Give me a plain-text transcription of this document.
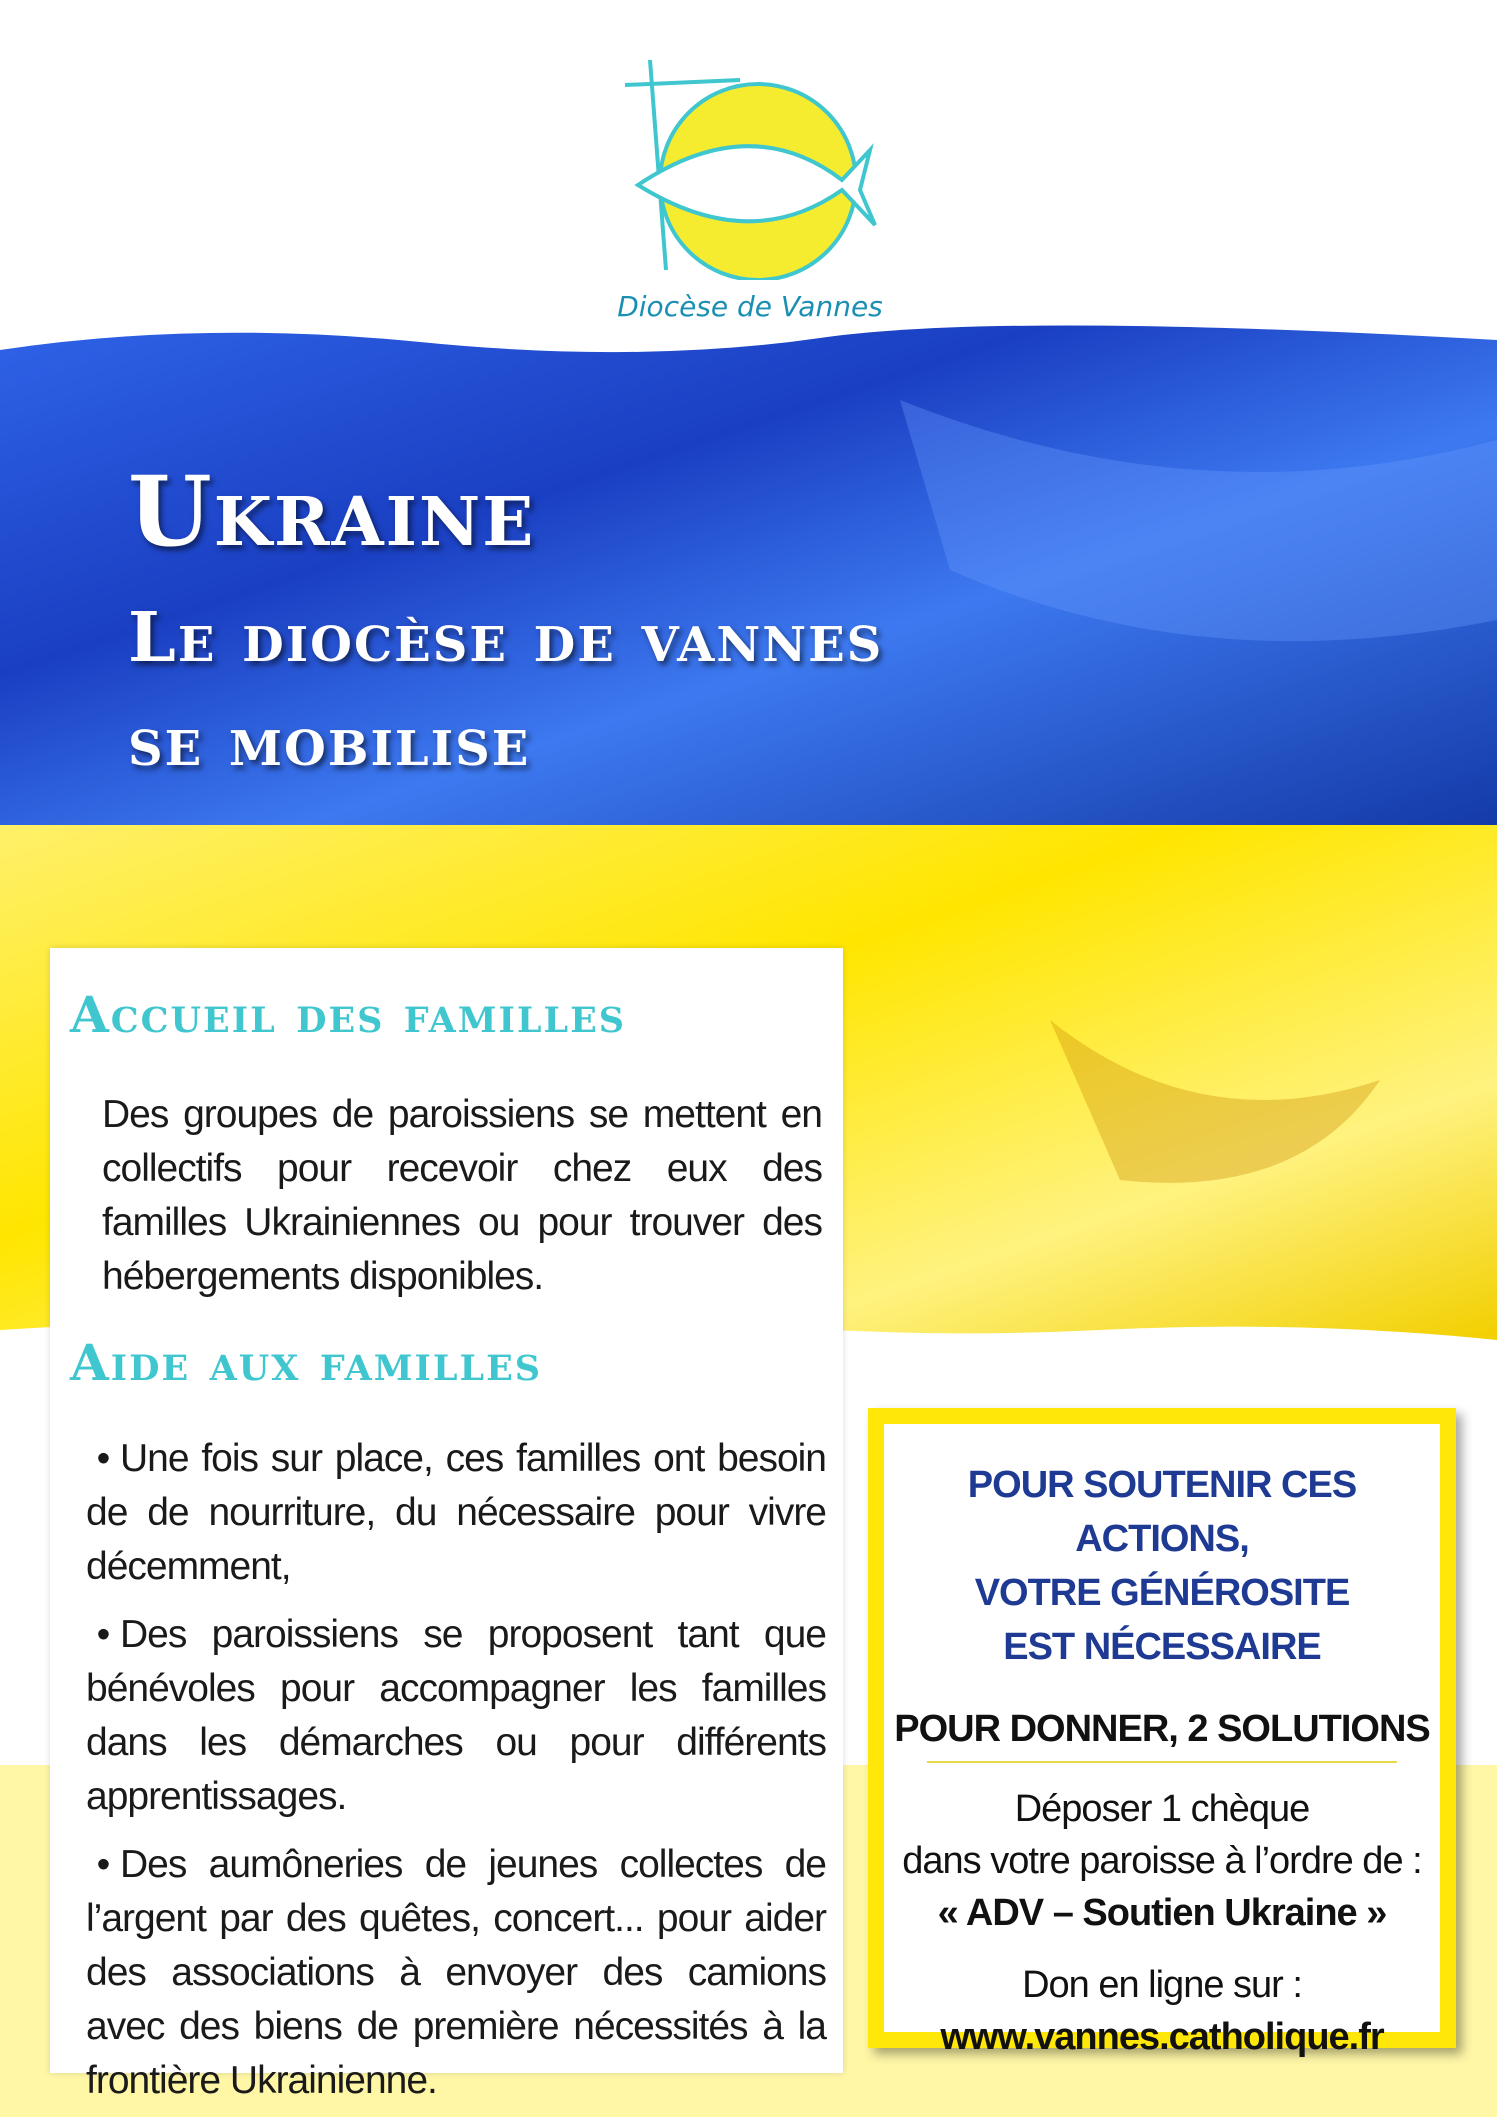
Diocèse de Vannes
Ukraine
Le diocèse de vannes
se mobilise
Accueil des familles
Des groupes de paroissiens se mettent en collectifs pour recevoir chez eux des familles Ukrainiennes ou pour trouver des hébergements disponibles.
Aide aux familles
• Une fois sur place, ces familles ont besoin de de nourriture, du nécessaire pour vivre décemment,
• Des paroissiens se proposent tant que bénévoles pour accompagner les familles dans les démarches ou pour différents apprentissages.
• Des aumôneries de jeunes collectes de l’argent par des quêtes, concert... pour aider des associations à envoyer des camions avec des biens de première nécessités à la frontière Ukrainienne.
POUR SOUTENIR CES ACTIONS,
VOTRE GÉNÉROSITE
EST NÉCESSAIRE
POUR DONNER, 2 SOLUTIONS
Déposer 1 chèque
dans votre paroisse à l’ordre de :
« ADV – Soutien Ukraine »
Don en ligne sur :
www.vannes.catholique.fr
